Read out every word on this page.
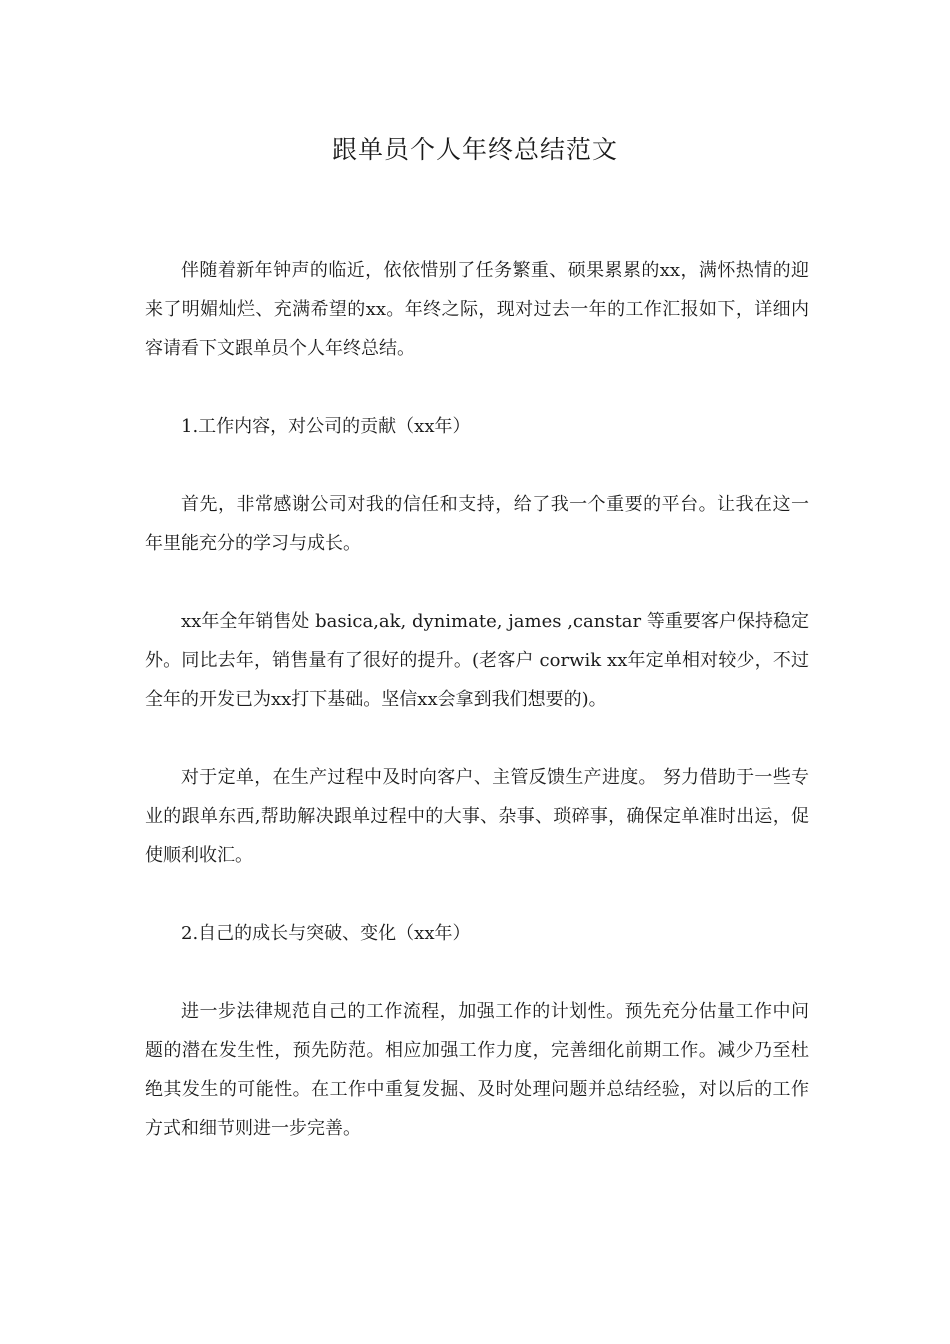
跟单员个人年终总结范文

伴随着新年钟声的临近，依依惜别了任务繁重、硕果累累的xx，满怀热情的迎来了明媚灿烂、充满希望的xx。年终之际，现对过去一年的工作汇报如下，详细内容请看下文跟单员个人年终总结。

1.工作内容，对公司的贡献（xx年）

首先，非常感谢公司对我的信任和支持，给了我一个重要的平台。让我在这一年里能充分的学习与成长。

xx年全年销售处 basica,ak, dynimate, james ,canstar 等重要客户保持稳定外。同比去年，销售量有了很好的提升。(老客户 corwik xx年定单相对较少，不过全年的开发已为xx打下基础。坚信xx会拿到我们想要的)。

对于定单，在生产过程中及时向客户、主管反馈生产进度。 努力借助于一些专业的跟单东西,帮助解决跟单过程中的大事、杂事、琐碎事，确保定单准时出运，促使顺利收汇。

2.自己的成长与突破、变化（xx年）

进一步法律规范自己的工作流程，加强工作的计划性。预先充分估量工作中问题的潜在发生性，预先防范。相应加强工作力度，完善细化前期工作。减少乃至杜绝其发生的可能性。在工作中重复发掘、及时处理问题并总结经验，对以后的工作方式和细节则进一步完善。
